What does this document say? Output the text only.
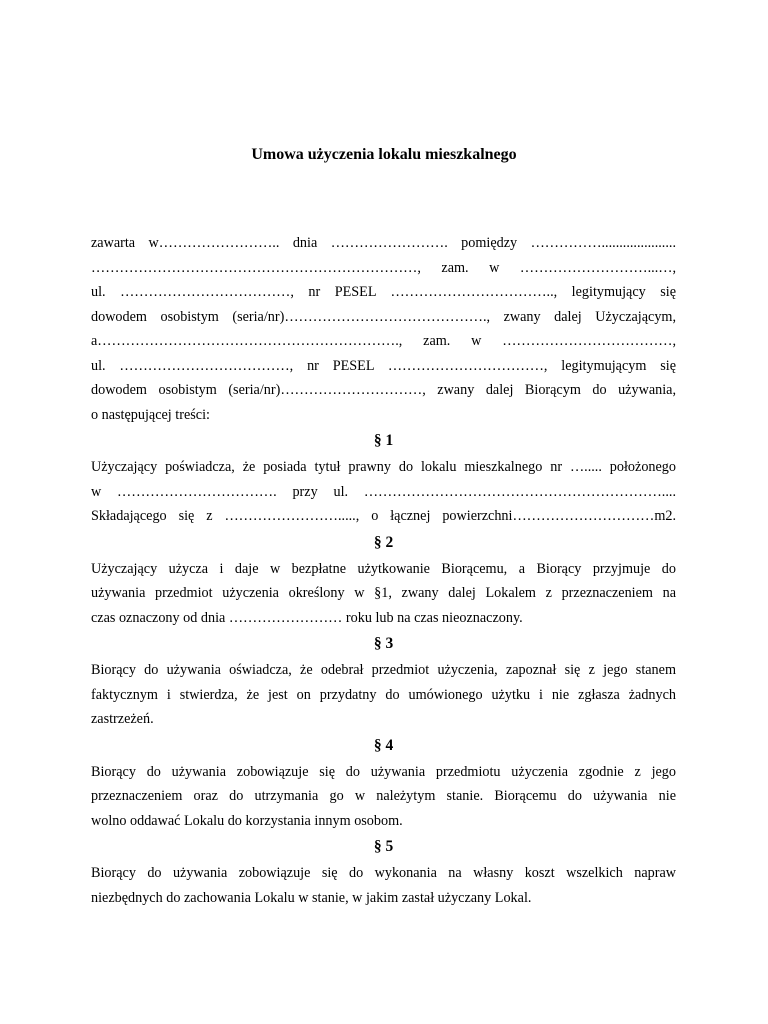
Umowa użyczenia lokalu mieszkalnego
zawarta w…………………….. dnia ……………………. pomiędzy …………….....................
……………………………………………………………, zam. w ………………………...…,
ul. ………………………………, nr PESEL …………………………….., legitymujący się
dowodem osobistym (seria/nr)……………………………………., zwany dalej Użyczającym,
a………………………………………………………., zam. w ………………………………,
ul. ………………………………, nr PESEL ……………………………, legitymującym się
dowodem osobistym (seria/nr)…………………………, zwany dalej Biorącym do używania,
o następującej treści:
§ 1
Użyczający poświadcza, że posiada tytuł prawny do lokalu mieszkalnego nr …..... położonego
w ……………………………. przy ul. ………………………………………………………....
Składającego się z ……………………....., o łącznej powierzchni…………………………m2.
§ 2
Użyczający użycza i daje w bezpłatne użytkowanie Biorącemu, a Biorący przyjmuje do
używania przedmiot użyczenia określony w §1, zwany dalej Lokalem z przeznaczeniem na
czas oznaczony od dnia …………………… roku lub na czas nieoznaczony.
§ 3
Biorący do używania oświadcza, że odebrał przedmiot użyczenia, zapoznał się z jego stanem
faktycznym i stwierdza, że jest on przydatny do umówionego użytku i nie zgłasza żadnych
zastrzeżeń.
§ 4
Biorący do używania zobowiązuje się do używania przedmiotu użyczenia zgodnie z jego
przeznaczeniem oraz do utrzymania go w należytym stanie. Biorącemu do używania nie
wolno oddawać Lokalu do korzystania innym osobom.
§ 5
Biorący do używania zobowiązuje się do wykonania na własny koszt wszelkich napraw
niezbędnych do zachowania Lokalu w stanie, w jakim zastał użyczany Lokal.
